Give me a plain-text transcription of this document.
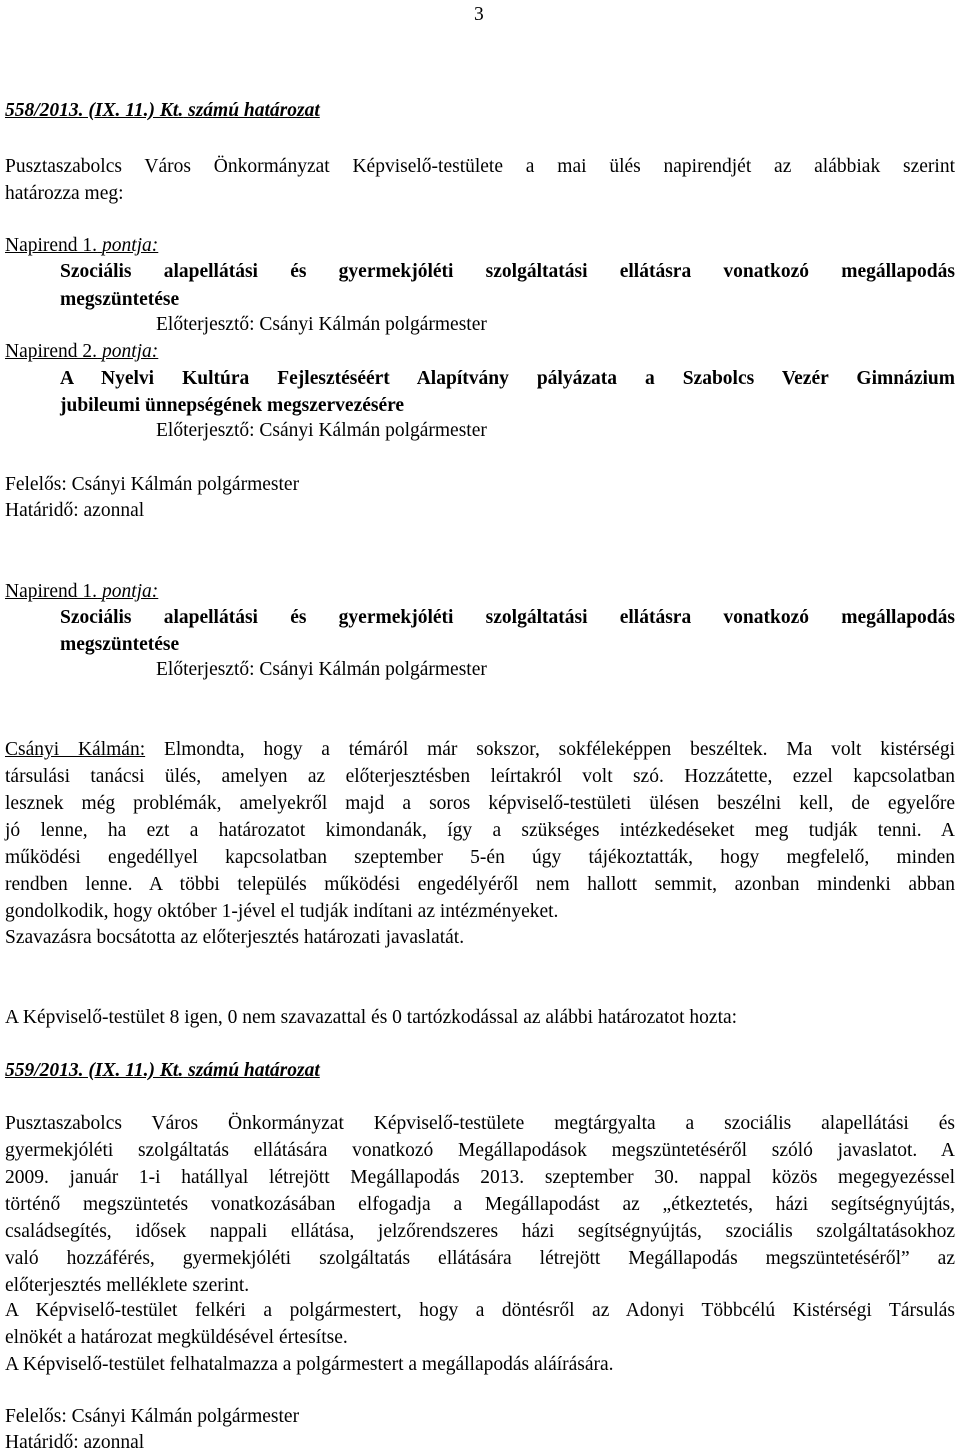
3
558/2013. (IX. 11.) Kt. számú határozat
Pusztaszabolcs Város Önkormányzat Képviselő-testülete a mai ülés napirendjét az alábbiak szerint
határozza meg:
Napirend 1. pontja:
Szociális alapellátási és gyermekjóléti szolgáltatási ellátásra vonatkozó megállapodás
megszüntetése
Előterjesztő: Csányi Kálmán polgármester
Napirend 2. pontja:
A Nyelvi Kultúra Fejlesztéséért Alapítvány pályázata a Szabolcs Vezér Gimnázium
jubileumi ünnepségének megszervezésére
Előterjesztő: Csányi Kálmán polgármester
Felelős: Csányi Kálmán polgármester
Határidő: azonnal
Napirend 1. pontja:
Szociális alapellátási és gyermekjóléti szolgáltatási ellátásra vonatkozó megállapodás
megszüntetése
Előterjesztő: Csányi Kálmán polgármester
Csányi Kálmán: Elmondta, hogy a témáról már sokszor, sokféleképpen beszéltek. Ma volt kistérségi
társulási tanácsi ülés, amelyen az előterjesztésben leírtakról volt szó. Hozzátette, ezzel kapcsolatban
lesznek még problémák, amelyekről majd a soros képviselő-testületi ülésen beszélni kell, de egyelőre
jó lenne, ha ezt a határozatot kimondanák, így a szükséges intézkedéseket meg tudják tenni. A
működési engedéllyel kapcsolatban szeptember 5-én úgy tájékoztatták, hogy megfelelő, minden
rendben lenne. A többi település működési engedélyéről nem hallott semmit, azonban mindenki abban
gondolkodik, hogy október 1-jével el tudják indítani az intézményeket.
Szavazásra bocsátotta az előterjesztés határozati javaslatát.
A Képviselő-testület 8 igen, 0 nem szavazattal és 0 tartózkodással az alábbi határozatot hozta:
559/2013. (IX. 11.) Kt. számú határozat
Pusztaszabolcs Város Önkormányzat Képviselő-testülete megtárgyalta a szociális alapellátási és
gyermekjóléti szolgáltatás ellátására vonatkozó Megállapodások megszüntetéséről szóló javaslatot. A
2009. január 1-i hatállyal létrejött Megállapodás 2013. szeptember 30. nappal közös megegyezéssel
történő megszüntetés vonatkozásában elfogadja a Megállapodást az „étkeztetés, házi segítségnyújtás,
családsegítés, idősek nappali ellátása, jelzőrendszeres házi segítségnyújtás, szociális szolgáltatásokhoz
való hozzáférés, gyermekjóléti szolgáltatás ellátására létrejött Megállapodás megszüntetéséről” az
előterjesztés melléklete szerint.
A Képviselő-testület felkéri a polgármestert, hogy a döntésről az Adonyi Többcélú Kistérségi Társulás
elnökét a határozat megküldésével értesítse.
A Képviselő-testület felhatalmazza a polgármestert a megállapodás aláírására.
Felelős: Csányi Kálmán polgármester
Határidő: azonnal
